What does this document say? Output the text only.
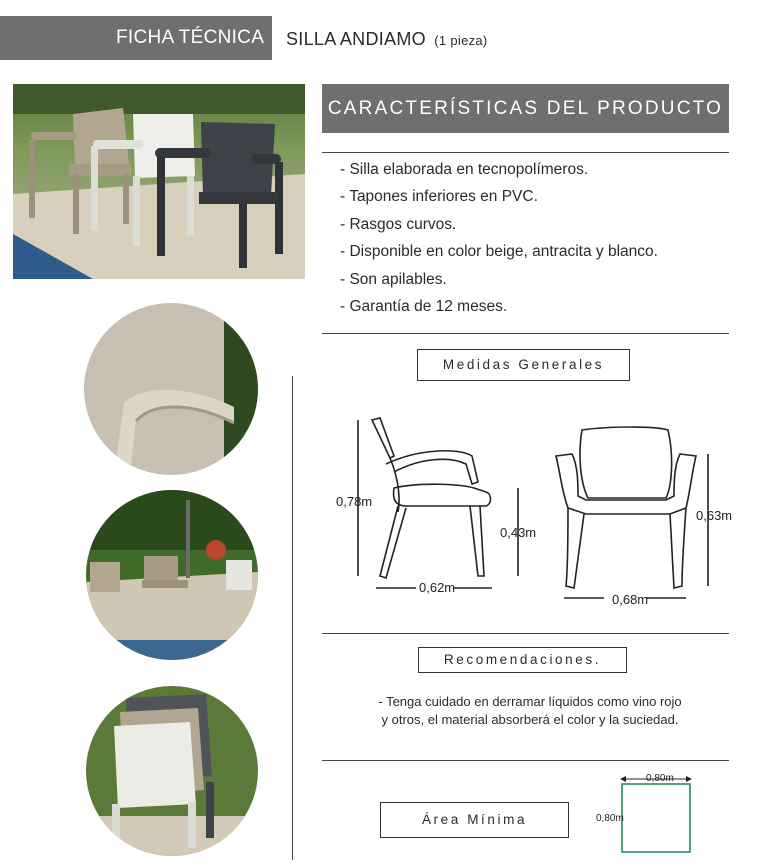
FICHA TÉCNICA SILLA ANDIAMO (1 pieza)
CARACTERÍSTICAS DEL PRODUCTO
- Silla elaborada en tecnopolímeros.
- Tapones inferiores en PVC.
- Rasgos curvos.
- Disponible en color beige, antracita y blanco.
- Son apilables.
- Garantía de 12 meses.
Medidas Generales
0,78m
0,43m
0,62m
0,63m
0,68m
Recomendaciones.
- Tenga cuidado en derramar líquidos como vino rojo
y otros, el material absorberá el color y la suciedad.
Área Mínima
0,80m
0,80m
